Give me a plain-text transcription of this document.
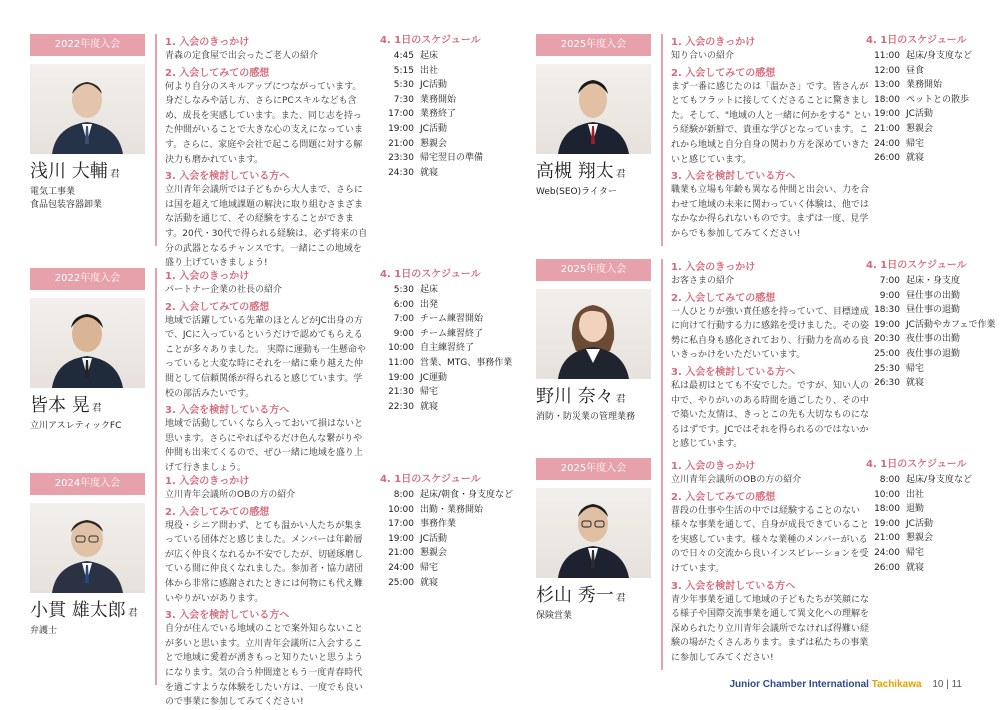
2022年度入会
浅川 大輔 君
電気工事業
食品包装容器卸業
1. 入会のきっかけ
青森の定食屋で出会ったご老人の紹介
2. 入会してみての感想
何より自分のスキルアップにつながっています。身だしなみや話し方、さらにPCスキルなども含め、成長を実感しています。また、同じ志を持った仲間がいることで大きな心の支えになっています。さらに、家庭や会社で起こる問題に対する解決力も磨かれています。
3. 入会を検討している方へ
立川青年会議所では子どもから大人まで、さらには国を超えて地域課題の解決に取り組むさまざまな活動を通じて、その経験をすることができます。20代・30代で得られる経験は、必ず将来の自分の武器となるチャンスです。一緒にこの地域を盛り上げていきましょう!
4. 1日のスケジュール
4:45 起床
5:15 出社
5:30 JC活動
7:30 業務開始
17:00 業務終了
19:00 JC活動
21:00 懇親会
23:30 帰宅翌日の準備
24:30 就寝
2022年度入会
皆本 晃 君
立川アスレティックFC
1. 入会のきっかけ
パートナー企業の社長の紹介
2. 入会してみての感想
地域で活躍している先輩のほとんどがJC出身の方で、JCに入っているというだけで認めてもらえることが多々ありました。 実際に運動も一生懸命やっていると大変な時にそれを一緒に乗り越えた仲間として信頼関係が得られると感じています。学校の部活みたいです。
3. 入会を検討している方へ
地域で活動していくなら入っておいて損はないと思います。さらにやればやるだけ色んな繋がりや仲間も出来てくるので、ぜひ一緒に地域を盛り上げて行きましょう。
4. 1日のスケジュール
5:30 起床
6:00 出発
7:00 チーム練習開始
9:00 チーム練習終了
10:00 自主練習終了
11:00 営業、MTG、事務作業
19:00 JC運動
21:30 帰宅
22:30 就寝
2024年度入会
小貫 雄太郎 君
弁護士
1. 入会のきっかけ
立川青年会議所のOBの方の紹介
2. 入会してみての感想
現役・シニア問わず、とても温かい人たちが集まっている団体だと感じました。メンバーは年齢層が広く仲良くなれるか不安でしたが、切磋琢磨している間に仲良くなれました。参加者・協力諸団体から非常に感謝されたときには何物にも代え難いやりがいがあります。
3. 入会を検討している方へ
自分が住んでいる地域のことで案外知らないことが多いと思います。立川青年会議所に入会することで地域に愛着が湧きもっと知りたいと思うようになります。気の合う仲間達ともう一度青春時代を過ごすような体験をしたい方は、一度でも良いので事業に参加してみてください!
4. 1日のスケジュール
8:00 起床/朝食・身支度など
10:00 出勤・業務開始
17:00 事務作業
19:00 JC活動
21:00 懇親会
24:00 帰宅
25:00 就寝
2025年度入会
高槻 翔太 君
Web(SEO)ライター
1. 入会のきっかけ
知り合いの紹介
2. 入会してみての感想
まず一番に感じたのは「温かさ」です。皆さんがとてもフラットに接してくださることに驚きました。そして、"地域の人と一緒に何かをする" という経験が新鮮で、貴重な学びとなっています。これから地域と自分自身の関わり方を深めていきたいと感じています。
3. 入会を検討している方へ
職業も立場も年齢も異なる仲間と出会い、力を合わせて地域の未来に関わっていく体験は、他ではなかなか得られないものです。まずは一度、見学からでも参加してみてください!
4. 1日のスケジュール
11:00 起床/身支度など
12:00 昼食
13:00 業務開始
18:00 ペットとの散歩
19:00 JC活動
21:00 懇親会
24:00 帰宅
26:00 就寝
2025年度入会
野川 奈々 君
消防・防災業の管理業務
1. 入会のきっかけ
お客さまの紹介
2. 入会してみての感想
一人ひとりが強い責任感を持っていて、目標達成に向けて行動する力に感銘を受けました。その姿勢に私自身も感化されており、行動力を高める良いきっかけをいただいています。
3. 入会を検討している方へ
私は最初はとても不安でした。ですが、知い人の中で、やりがいのある時間を過ごしたり、その中で築いた友情は、きっとこの先も大切なものになるはずです。JCではそれを得られるのではないかと感じています。
4. 1日のスケジュール
7:00 起床・身支度
9:00 昼仕事の出勤
18:30 昼仕事の退勤
19:00 JC活動やカフェで作業
20:30 夜仕事の出勤
25:00 夜仕事の退勤
25:30 帰宅
26:30 就寝
2025年度入会
杉山 秀一 君
保険営業
1. 入会のきっかけ
立川青年会議所のOBの方の紹介
2. 入会してみての感想
普段の仕事や生活の中では経験することのない様々な事業を通して、自身が成長できていることを実感しています。様々な業種のメンバーがいるので日々の交流から良いインスピレーションを受けています。
3. 入会を検討している方へ
青少年事業を通して地域の子どもたちが笑顔になる様子や国際交流事業を通して異文化への理解を深められたり立川青年会議所でなければ得難い経験の場がたくさんあります。まずは私たちの事業に参加してみてください!
4. 1日のスケジュール
8:00 起床/身支度など
10:00 出社
18:00 退勤
19:00 JC活動
21:00 懇親会
24:00 帰宅
26:00 就寝
Junior Chamber International Tachikawa 10 | 11
